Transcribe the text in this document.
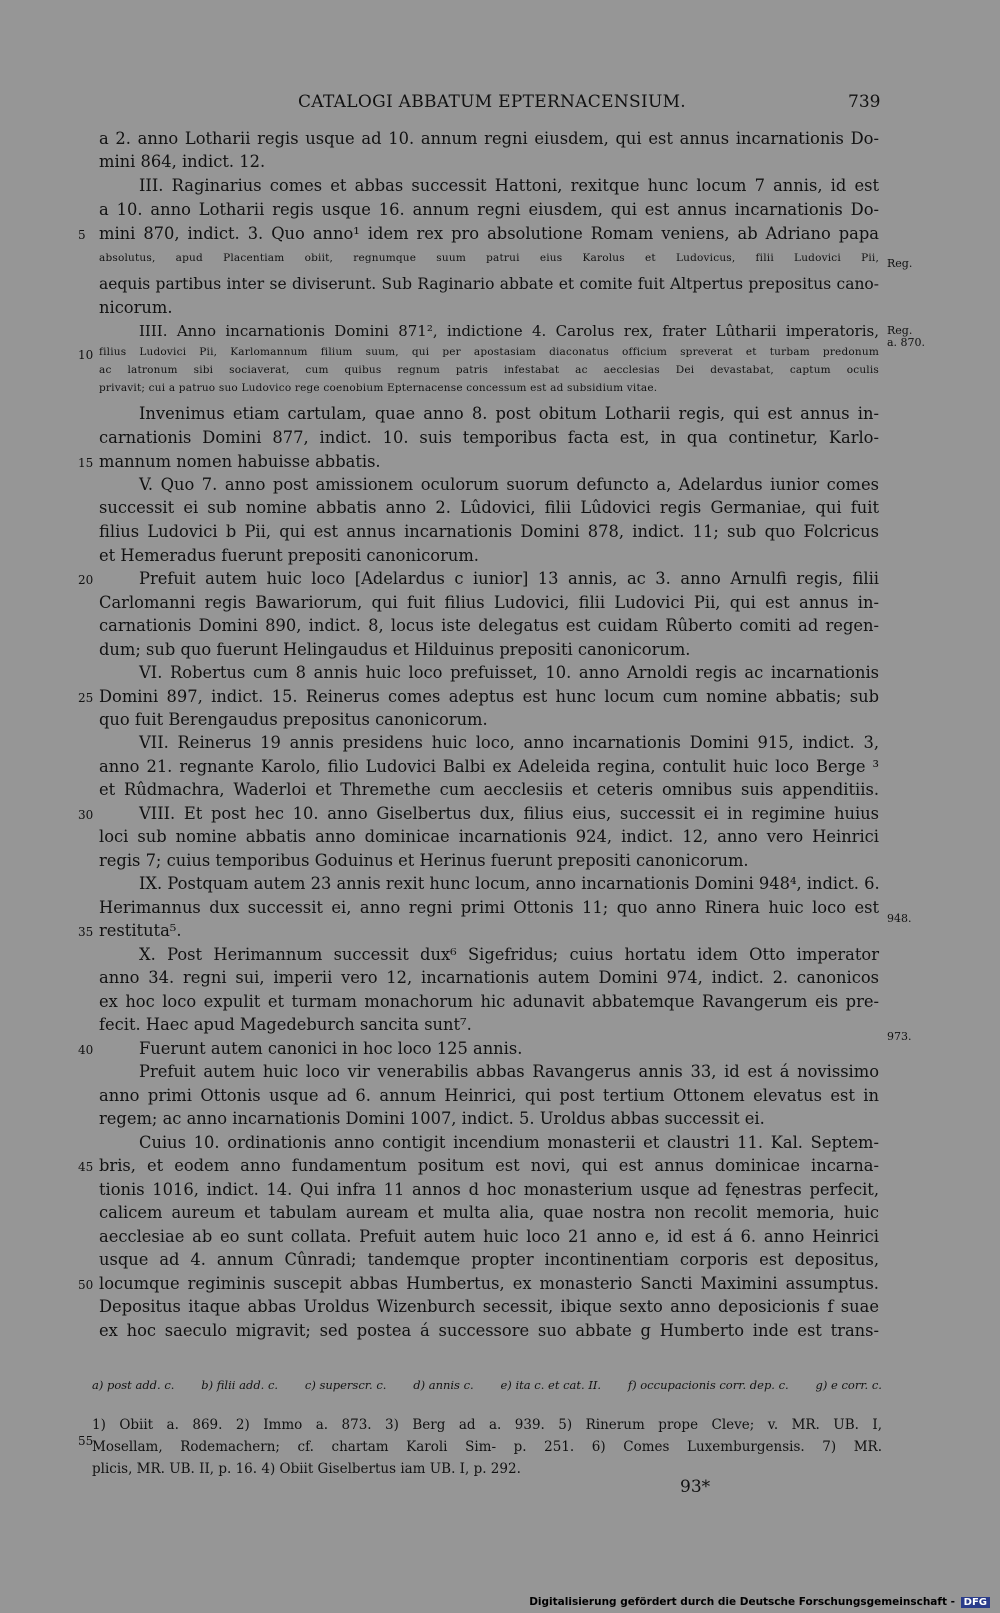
CATALOGI ABBATUM EPTERNACENSIUM.	739
a 2. anno Lotharii regis usque ad 10. annum regni eiusdem, qui est annus incarnationis Do-
mini 864, indict. 12.
III. Raginarius comes et abbas successit Hattoni, rexitque hunc locum 7 annis, id est
a 10. anno Lotharii regis usque 16. annum regni eiusdem, qui est annus incarnationis Do-
mini 870, indict. 3. Quo anno¹ idem rex pro absolutione Romam veniens, ab Adriano papa
absolutus, apud Placentiam obiit, regnumque suum patrui eius Karolus et Ludovicus, filii Ludovici Pii,
aequis partibus inter se diviserunt. Sub Raginario abbate et comite fuit Altpertus prepositus cano-
nicorum.
IIII. Anno incarnationis Domini 871², indictione 4. Carolus rex, frater Lûtharii imperatoris,
filius Ludovici Pii, Karlomannum filium suum, qui per apostasiam diaconatus officium spreverat et turbam predonum
ac latronum sibi sociaverat, cum quibus regnum patris infestabat ac aecclesias Dei devastabat, captum oculis
privavit; cui a patruo suo Ludovico rege coenobium Epternacense concessum est ad subsidium vitae.
Invenimus etiam cartulam, quae anno 8. post obitum Lotharii regis, qui est annus in-
carnationis Domini 877, indict. 10. suis temporibus facta est, in qua continetur, Karlo-
mannum nomen habuisse abbatis.
V. Quo 7. anno post amissionem oculorum suorum defuncto a, Adelardus iunior comes
successit ei sub nomine abbatis anno 2. Lûdovici, filii Lûdovici regis Germaniae, qui fuit
filius Ludovici b Pii, qui est annus incarnationis Domini 878, indict. 11; sub quo Folcricus
et Hemeradus fuerunt prepositi canonicorum.
Prefuit autem huic loco [Adelardus c iunior] 13 annis, ac 3. anno Arnulfi regis, filii
Carlomanni regis Bawariorum, qui fuit filius Ludovici, filii Ludovici Pii, qui est annus in-
carnationis Domini 890, indict. 8, locus iste delegatus est cuidam Rûberto comiti ad regen-
dum; sub quo fuerunt Helingaudus et Hilduinus prepositi canonicorum.
VI. Robertus cum 8 annis huic loco prefuisset, 10. anno Arnoldi regis ac incarnationis
Domini 897, indict. 15. Reinerus comes adeptus est hunc locum cum nomine abbatis; sub
quo fuit Berengaudus prepositus canonicorum.
VII. Reinerus 19 annis presidens huic loco, anno incarnationis Domini 915, indict. 3,
anno 21. regnante Karolo, filio Ludovici Balbi ex Adeleida regina, contulit huic loco Berge ³
et Rûdmachra, Waderloi et Thremethe cum aecclesiis et ceteris omnibus suis appenditiis.
VIII. Et post hec 10. anno Giselbertus dux, filius eius, successit ei in regimine huius
loci sub nomine abbatis anno dominicae incarnationis 924, indict. 12, anno vero Heinrici
regis 7; cuius temporibus Goduinus et Herinus fuerunt prepositi canonicorum.
IX. Postquam autem 23 annis rexit hunc locum, anno incarnationis Domini 948⁴, indict. 6.
Herimannus dux successit ei, anno regni primi Ottonis 11; quo anno Rinera huic loco est
restituta⁵.
X. Post Herimannum successit dux⁶ Sigefridus; cuius hortatu idem Otto imperator
anno 34. regni sui, imperii vero 12, incarnationis autem Domini 974, indict. 2. canonicos
ex hoc loco expulit et turmam monachorum hic adunavit abbatemque Ravangerum eis pre-
fecit. Haec apud Magedeburch sancita sunt⁷.
Fuerunt autem canonici in hoc loco 125 annis.
Prefuit autem huic loco vir venerabilis abbas Ravangerus annis 33, id est á novissimo
anno primi Ottonis usque ad 6. annum Heinrici, qui post tertium Ottonem elevatus est in
regem; ac anno incarnationis Domini 1007, indict. 5. Uroldus abbas successit ei.
Cuius 10. ordinationis anno contigit incendium monasterii et claustri 11. Kal. Septem-
bris, et eodem anno fundamentum positum est novi, qui est annus dominicae incarna-
tionis 1016, indict. 14. Qui infra 11 annos d hoc monasterium usque ad fęnestras perfecit,
calicem aureum et tabulam auream et multa alia, quae nostra non recolit memoria, huic
aecclesiae ab eo sunt collata. Prefuit autem huic loco 21 anno e, id est á 6. anno Heinrici
usque ad 4. annum Cûnradi; tandemque propter incontinentiam corporis est depositus,
locumque regiminis suscepit abbas Humbertus, ex monasterio Sancti Maximini assumptus.
Depositus itaque abbas Uroldus Wizenburch secessit, ibique sexto anno deposicionis f suae
ex hoc saeculo migravit; sed postea á successore suo abbate g Humberto inde est trans-
5
10
15
20
25
30
35
40
45
50
55
Reg.
Reg.
a. 870.
948.
973.
a) post add. c. b) filii add. c. c) superscr. c. d) annis c. e) ita c. et cat. II. f) occupacionis corr. dep. c. g) e corr. c.
1) Obiit a. 869. 2) Immo a. 873. 3) Berg ad a. 939. 5) Rinerum prope Cleve; v. MR. UB. I,
Mosellam, Rodemachern; cf. chartam Karoli Sim- p. 251. 6) Comes Luxemburgensis. 7) MR.
plicis, MR. UB. II, p. 16. 4) Obiit Giselbertus iam UB. I, p. 292.
93*
Digitalisierung gefördert durch die Deutsche Forschungsgemeinschaft - DFG
